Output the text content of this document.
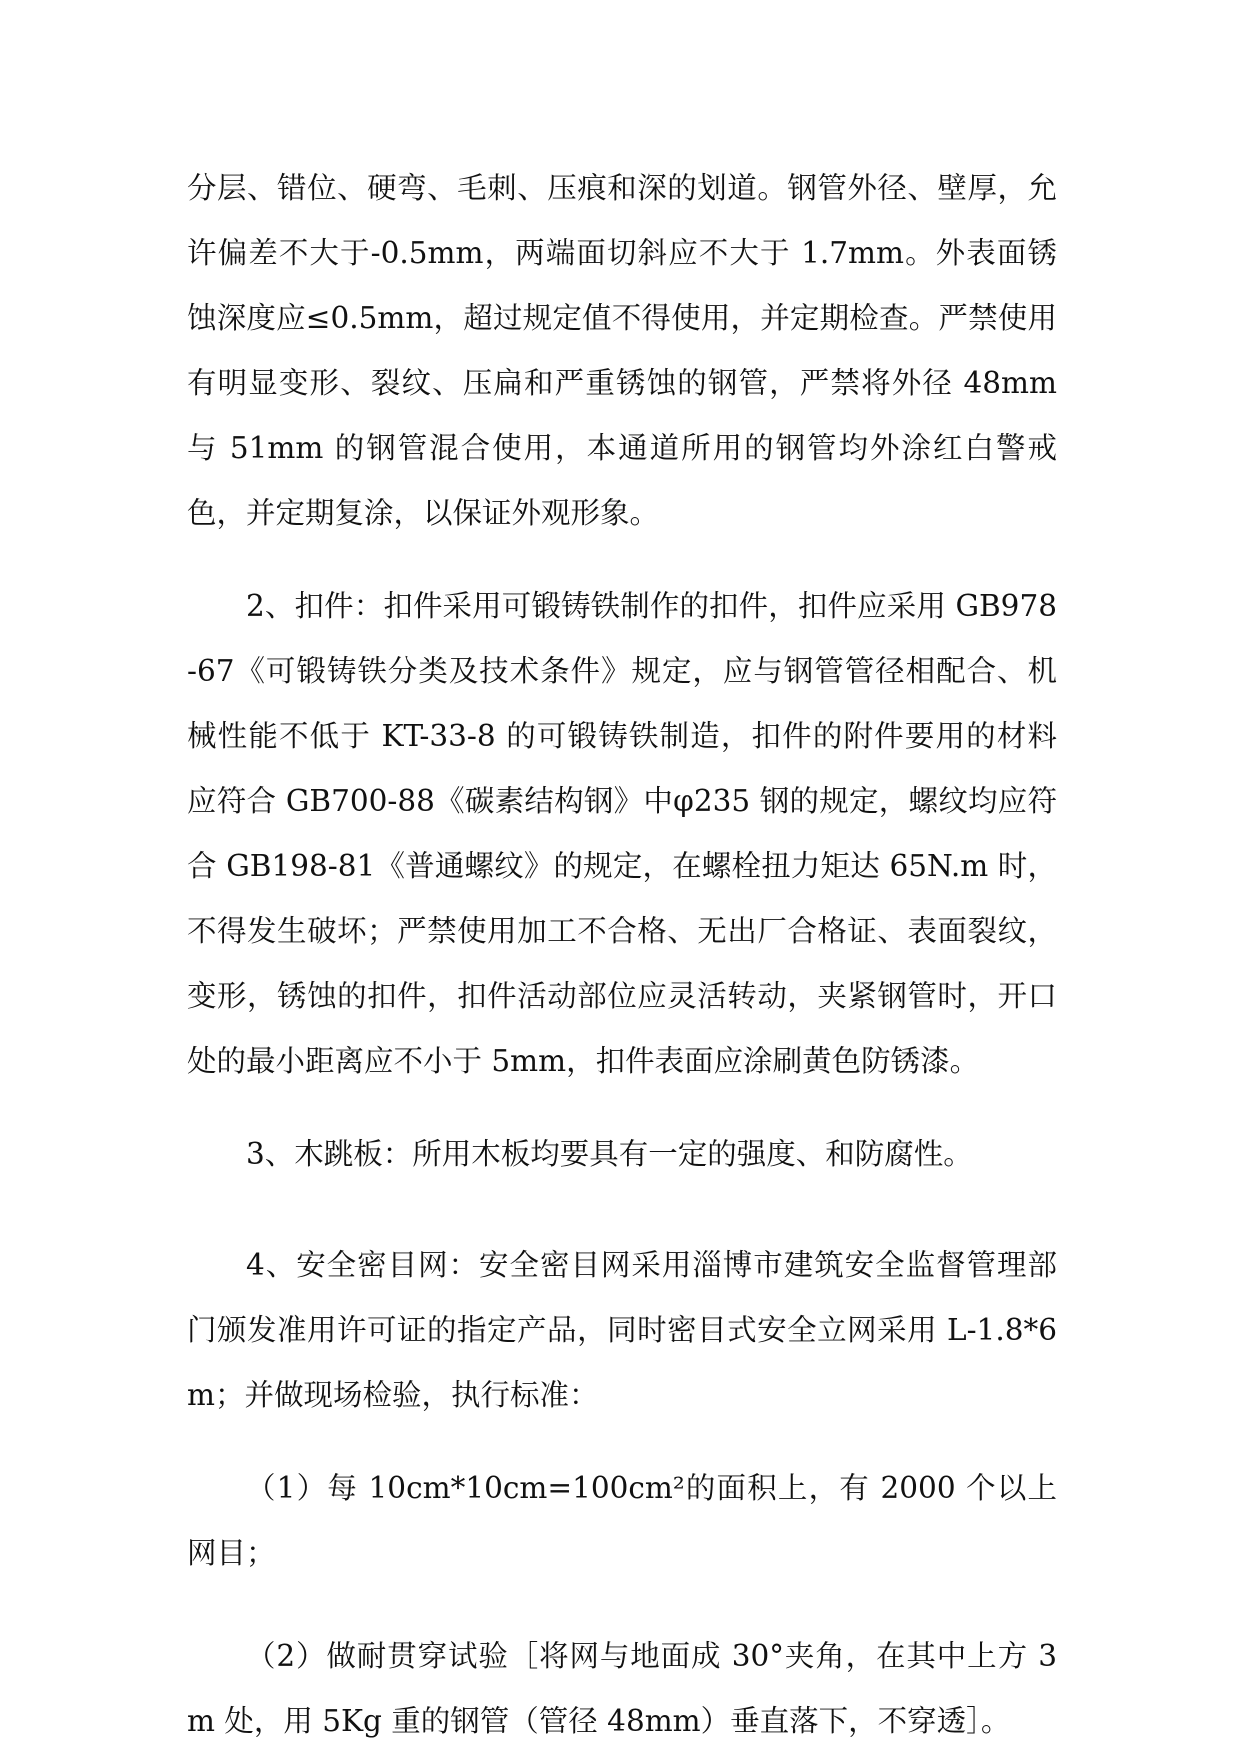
分层、错位、硬弯、毛刺、压痕和深的划道。钢管外径、壁厚，允许偏差不大于-0.5mm，两端面切斜应不大于 1.7mm。外表面锈蚀深度应≤0.5mm，超过规定值不得使用，并定期检查。严禁使用有明显变形、裂纹、压扁和严重锈蚀的钢管，严禁将外径 48mm 与 51mm 的钢管混合使用，本通道所用的钢管均外涂红白警戒色，并定期复涂，以保证外观形象。

2、扣件：扣件采用可锻铸铁制作的扣件，扣件应采用 GB978-67《可锻铸铁分类及技术条件》规定，应与钢管管径相配合、机械性能不低于 KT-33-8 的可锻铸铁制造，扣件的附件要用的材料应符合 GB700-88《碳素结构钢》中φ235 钢的规定，螺纹均应符合 GB198-81《普通螺纹》的规定，在螺栓扭力矩达 65N.m 时，不得发生破坏；严禁使用加工不合格、无出厂合格证、表面裂纹，变形，锈蚀的扣件，扣件活动部位应灵活转动，夹紧钢管时，开口处的最小距离应不小于 5mm，扣件表面应涂刷黄色防锈漆。

3、木跳板：所用木板均要具有一定的强度、和防腐性。

4、安全密目网：安全密目网采用淄博市建筑安全监督管理部门颁发准用许可证的指定产品，同时密目式安全立网采用 L-1.8*6m；并做现场检验，执行标准：

（1）每 10cm*10cm=100cm²的面积上，有 2000 个以上网目；

（2）做耐贯穿试验［将网与地面成 30°夹角，在其中上方 3m 处，用 5Kg 重的钢管（管径 48mm）垂直落下，不穿透］。
